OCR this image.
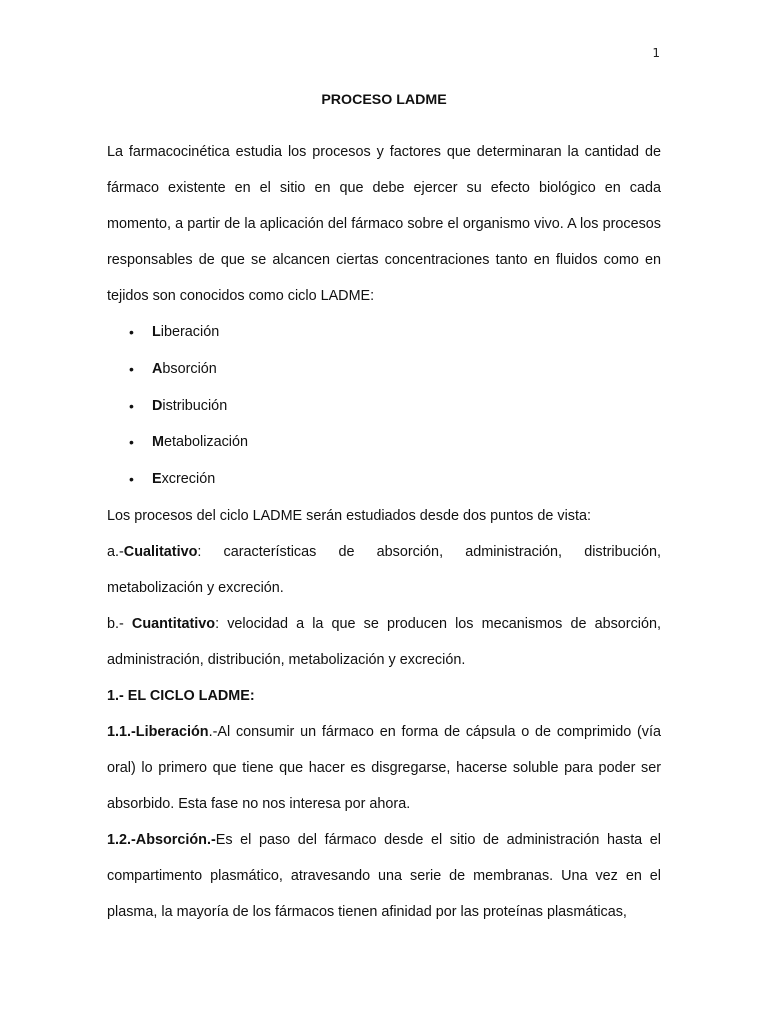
1
PROCESO LADME

La farmacocinética estudia los procesos y factores que determinaran la cantidad de fármaco existente en el sitio en que debe ejercer su efecto biológico en cada momento, a partir de la aplicación del fármaco sobre el organismo vivo. A los procesos responsables de que se alcancen ciertas concentraciones tanto en fluidos como en tejidos son conocidos como ciclo LADME:

• Liberación
• Absorción
• Distribución
• Metabolización
• Excreción

Los procesos del ciclo LADME serán estudiados desde dos puntos de vista:

a.-Cualitativo: características de absorción, administración, distribución, metabolización y excreción.

b.- Cuantitativo: velocidad a la que se producen los mecanismos de absorción, administración, distribución, metabolización y excreción.

1.- EL CICLO LADME:

1.1.-Liberación.-Al consumir un fármaco en forma de cápsula o de comprimido (vía oral) lo primero que tiene que hacer es disgregarse, hacerse soluble para poder ser absorbido. Esta fase no nos interesa por ahora.

1.2.-Absorción.-Es el paso del fármaco desde el sitio de administración hasta el compartimento plasmático, atravesando una serie de membranas. Una vez en el plasma, la mayoría de los fármacos tienen afinidad por las proteínas plasmáticas,
